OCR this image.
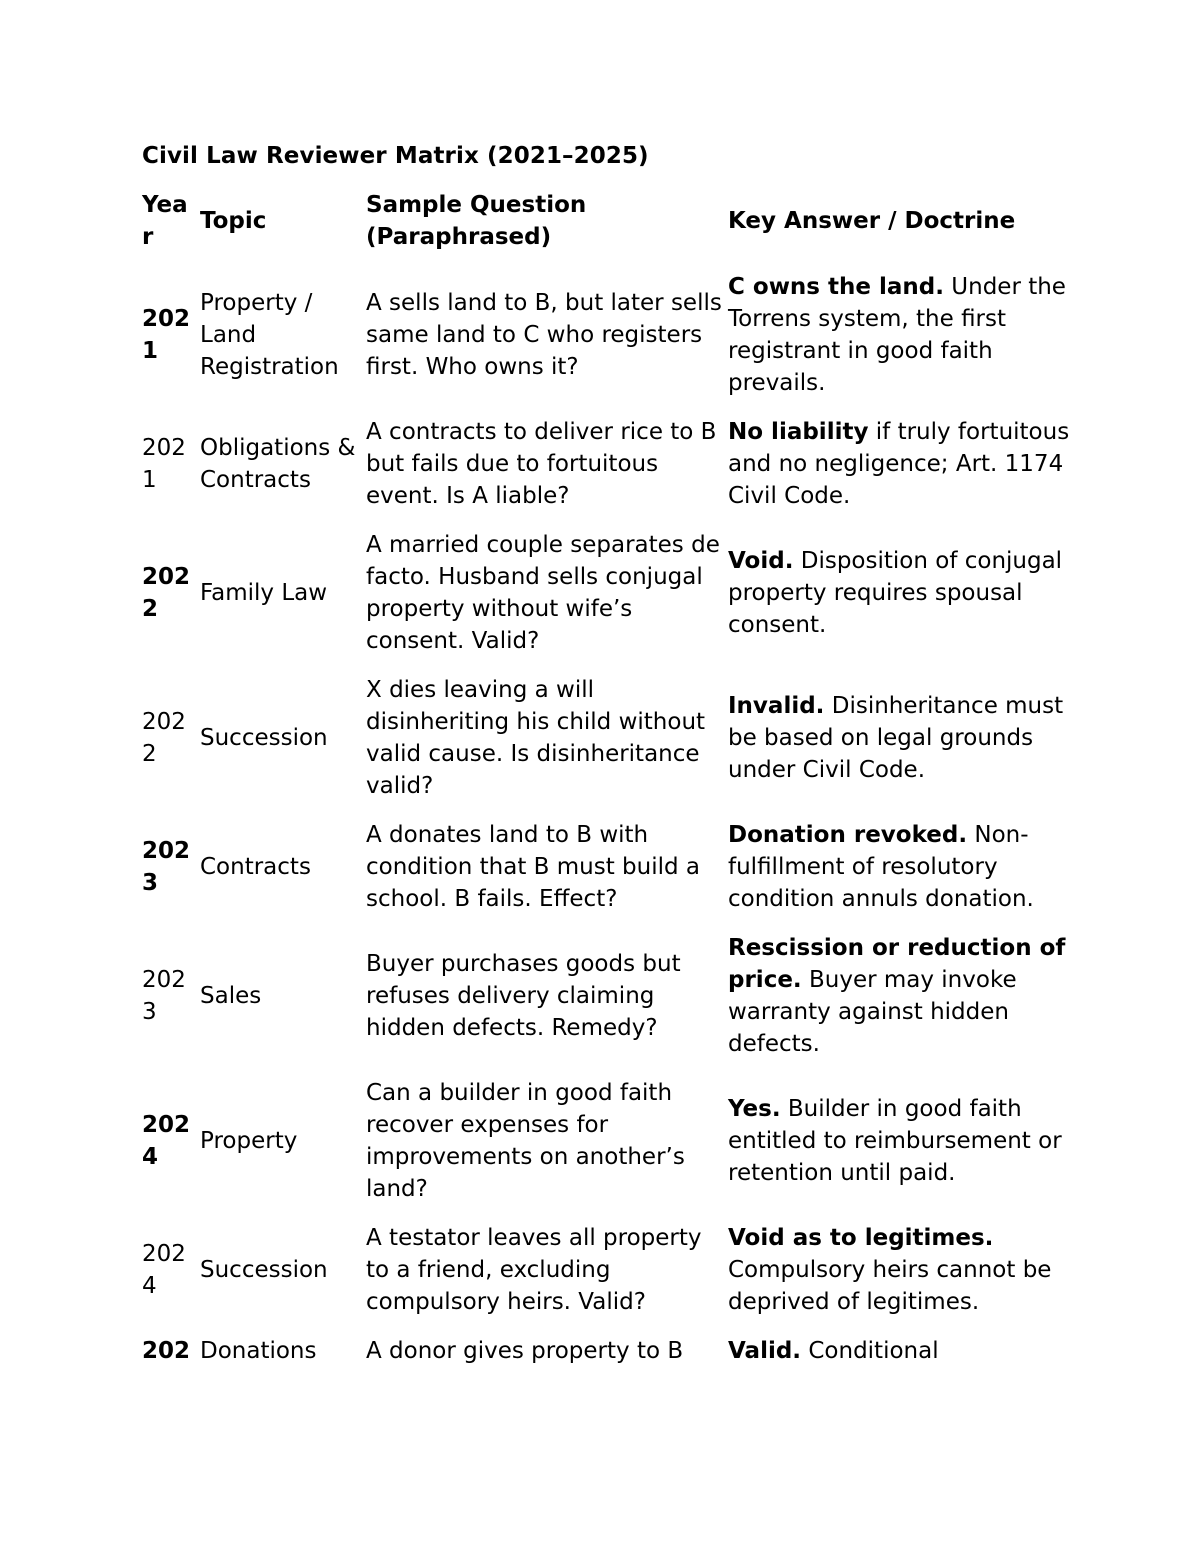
Civil Law Reviewer Matrix (2021–2025)
Year	Topic	Sample Question (Paraphrased)	Key Answer / Doctrine

2021	Property / Land Registration	A sells land to B, but later sells same land to C who registers first. Who owns it?	C owns the land. Under the Torrens system, the first registrant in good faith prevails.

2021	Obligations & Contracts	A contracts to deliver rice to B but fails due to fortuitous event. Is A liable?	No liability if truly fortuitous and no negligence; Art. 1174 Civil Code.

2022	Family Law	A married couple separates de facto. Husband sells conjugal property without wife’s consent. Valid?	Void. Disposition of conjugal property requires spousal consent.

2022	Succession	X dies leaving a will disinheriting his child without valid cause. Is disinheritance valid?	Invalid. Disinheritance must be based on legal grounds under Civil Code.

2023	Contracts	A donates land to B with condition that B must build a school. B fails. Effect?	Donation revoked. Non-fulfillment of resolutory condition annuls donation.

2023	Sales	Buyer purchases goods but refuses delivery claiming hidden defects. Remedy?	Rescission or reduction of price. Buyer may invoke warranty against hidden defects.

2024	Property	Can a builder in good faith recover expenses for improvements on another’s land?	Yes. Builder in good faith entitled to reimbursement or retention until paid.

2024	Succession	A testator leaves all property to a friend, excluding compulsory heirs. Valid?	Void as to legitimes. Compulsory heirs cannot be deprived of legitimes.

202	Donations	A donor gives property to B	Valid. Conditional
